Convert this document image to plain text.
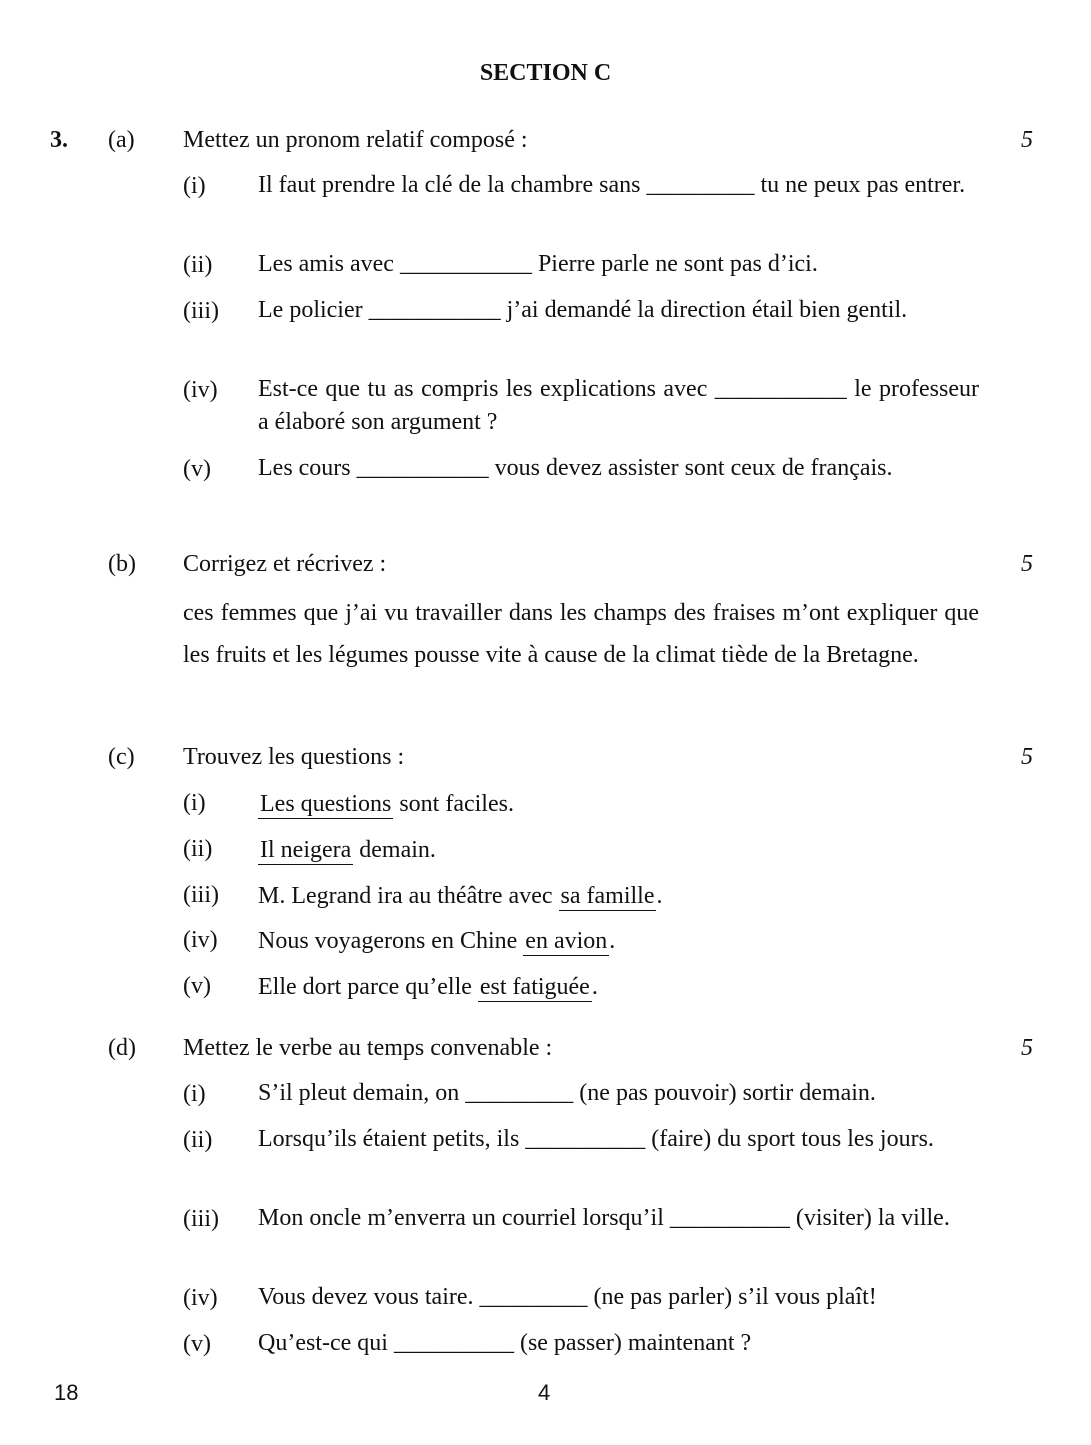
SECTION C
3. (a) Mettez un pronom relatif composé :	5
(i) Il faut prendre la clé de la chambre sans _________ tu ne peux pas entrer.
(ii) Les amis avec ___________ Pierre parle ne sont pas d’ici.
(iii) Le policier ___________ j’ai demandé la direction étail bien gentil.
(iv) Est-ce que tu as compris les explications avec ___________ le professeur a élaboré son argument ?
(v) Les cours ___________ vous devez assister sont ceux de français.
(b) Corrigez et récrivez :	5
ces femmes que j’ai vu travailler dans les champs des fraises m’ont expliquer que les fruits et les légumes pousse vite à cause de la climat tiède de la Bretagne.
(c) Trouvez les questions :	5
(i) Les questions sont faciles.
(ii) Il neigera demain.
(iii) M. Legrand ira au théâtre avec sa famille.
(iv) Nous voyagerons en Chine en avion.
(v) Elle dort parce qu’elle est fatiguée.
(d) Mettez le verbe au temps convenable :	5
(i) S’il pleut demain, on _________ (ne pas pouvoir) sortir demain.
(ii) Lorsqu’ils étaient petits, ils __________ (faire) du sport tous les jours.
(iii) Mon oncle m’enverra un courriel lorsqu’il __________ (visiter) la ville.
(iv) Vous devez vous taire. _________ (ne pas parler) s’il vous plaît!
(v) Qu’est-ce qui __________ (se passer) maintenant ?
18	4
